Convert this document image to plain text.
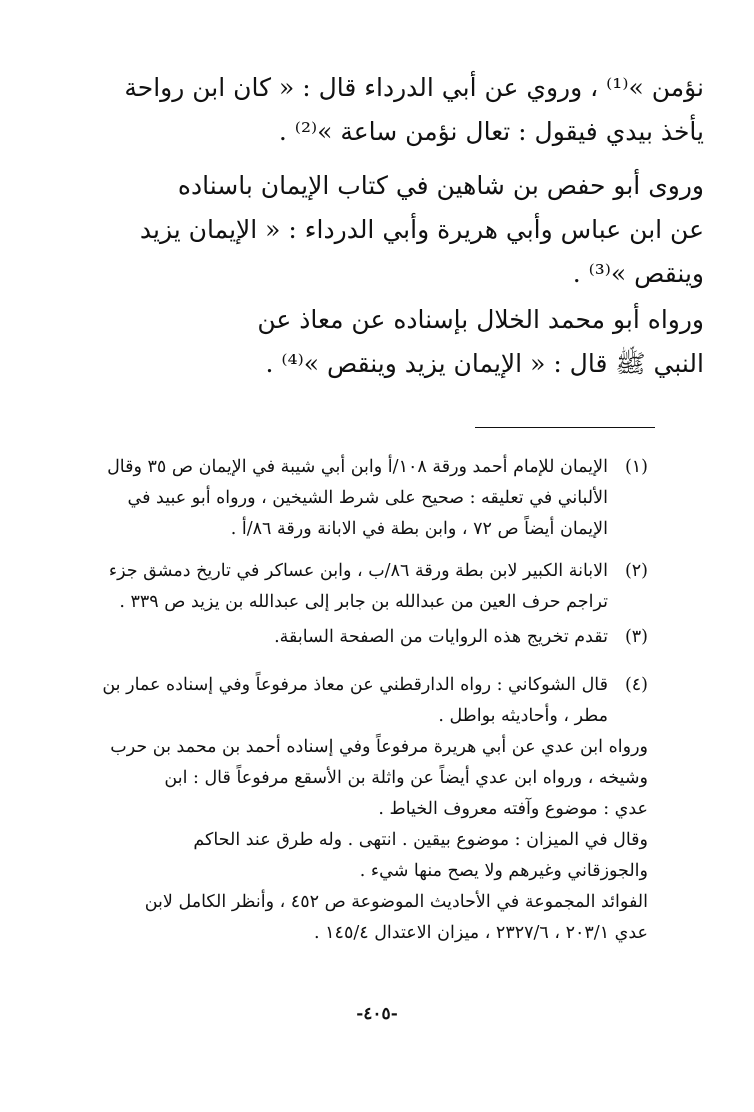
نؤمن »⁽¹⁾ ، وروي عن أبي الدرداء قال : « كان ابن رواحة
يأخذ بيدي فيقول : تعال نؤمن ساعة »⁽²⁾ .
وروى أبو حفص بن شاهين في كتاب الإيمان باسناده
عن ابن عباس وأبي هريرة وأبي الدرداء : « الإيمان يزيد
وينقص »⁽³⁾ .
ورواه أبو محمد الخلال بإسناده عن معاذ عن
النبي ﷺ قال : « الإيمان يزيد وينقص »⁽⁴⁾ .
(١)
الإيمان للإمام أحمد ورقة ١٠٨/أ وابن أبي شيبة في الإيمان ص ٣٥ وقال
الألباني في تعليقه : صحيح على شرط الشيخين ، ورواه أبو عبيد في
الإيمان أيضاً ص ٧٢ ، وابن بطة في الابانة ورقة ٨٦/أ .
(٢)
الابانة الكبير لابن بطة ورقة ٨٦/ب ، وابن عساكر في تاريخ دمشق جزء
تراجم حرف العين من عبدالله بن جابر إلى عبدالله بن يزيد ص ٣٣٩ .
(٣)
تقدم تخريج هذه الروايات من الصفحة السابقة.
(٤)
قال الشوكاني : رواه الدارقطني عن معاذ مرفوعاً وفي إسناده عمار بن
مطر ، وأحاديثه بواطل .
ورواه ابن عدي عن أبي هريرة مرفوعاً وفي إسناده أحمد بن محمد بن حرب
وشيخه ، ورواه ابن عدي أيضاً عن واثلة بن الأسقع مرفوعاً قال : ابن
عدي : موضوع وآفته معروف الخياط .
وقال في الميزان : موضوع بيقين . انتهى . وله طرق عند الحاكم
والجوزقاني وغيرهم ولا يصح منها شيء .
الفوائد المجموعة في الأحاديث الموضوعة ص ٤٥٢ ، وأنظر الكامل لابن
عدي ٢٠٣/١ ، ٢٣٢٧/٦ ، ميزان الاعتدال ١٤٥/٤ .
-٤٠٥-
